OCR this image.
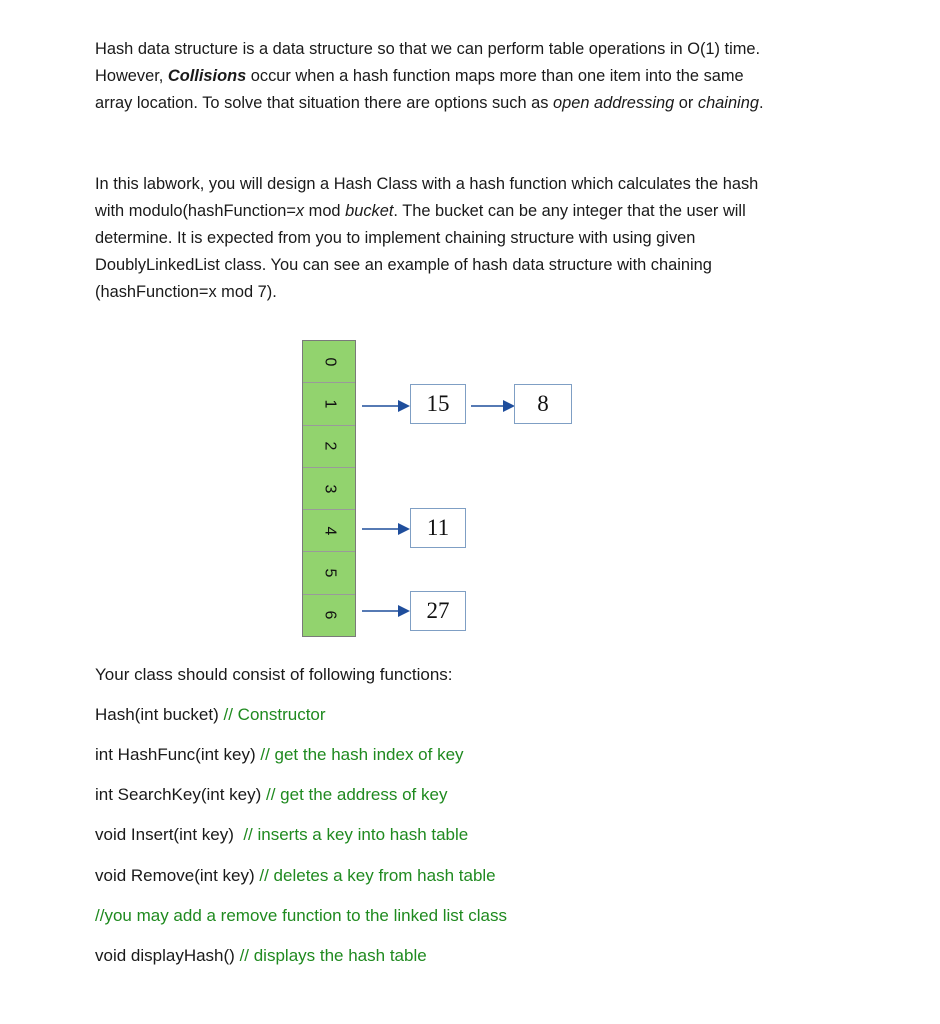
Hash data structure is a data structure so that we can perform table operations in O(1) time.
However, Collisions occur when a hash function maps more than one item into the same
array location. To solve that situation there are options such as open addressing or chaining.

In this labwork, you will design a Hash Class with a hash function which calculates the hash
with modulo(hashFunction=x mod bucket. The bucket can be any integer that the user will
determine. It is expected from you to implement chaining structure with using given
DoublyLinkedList class. You can see an example of hash data structure with chaining
(hashFunction=x mod 7).

0
1
2
3
4
5
6
15	8
11
27
Your class should consist of following functions:
Hash(int bucket) // Constructor
int HashFunc(int key) // get the hash index of key
int SearchKey(int key) // get the address of key
void Insert(int key)  // inserts a key into hash table
void Remove(int key) // deletes a key from hash table
//you may add a remove function to the linked list class
void displayHash() // displays the hash table
